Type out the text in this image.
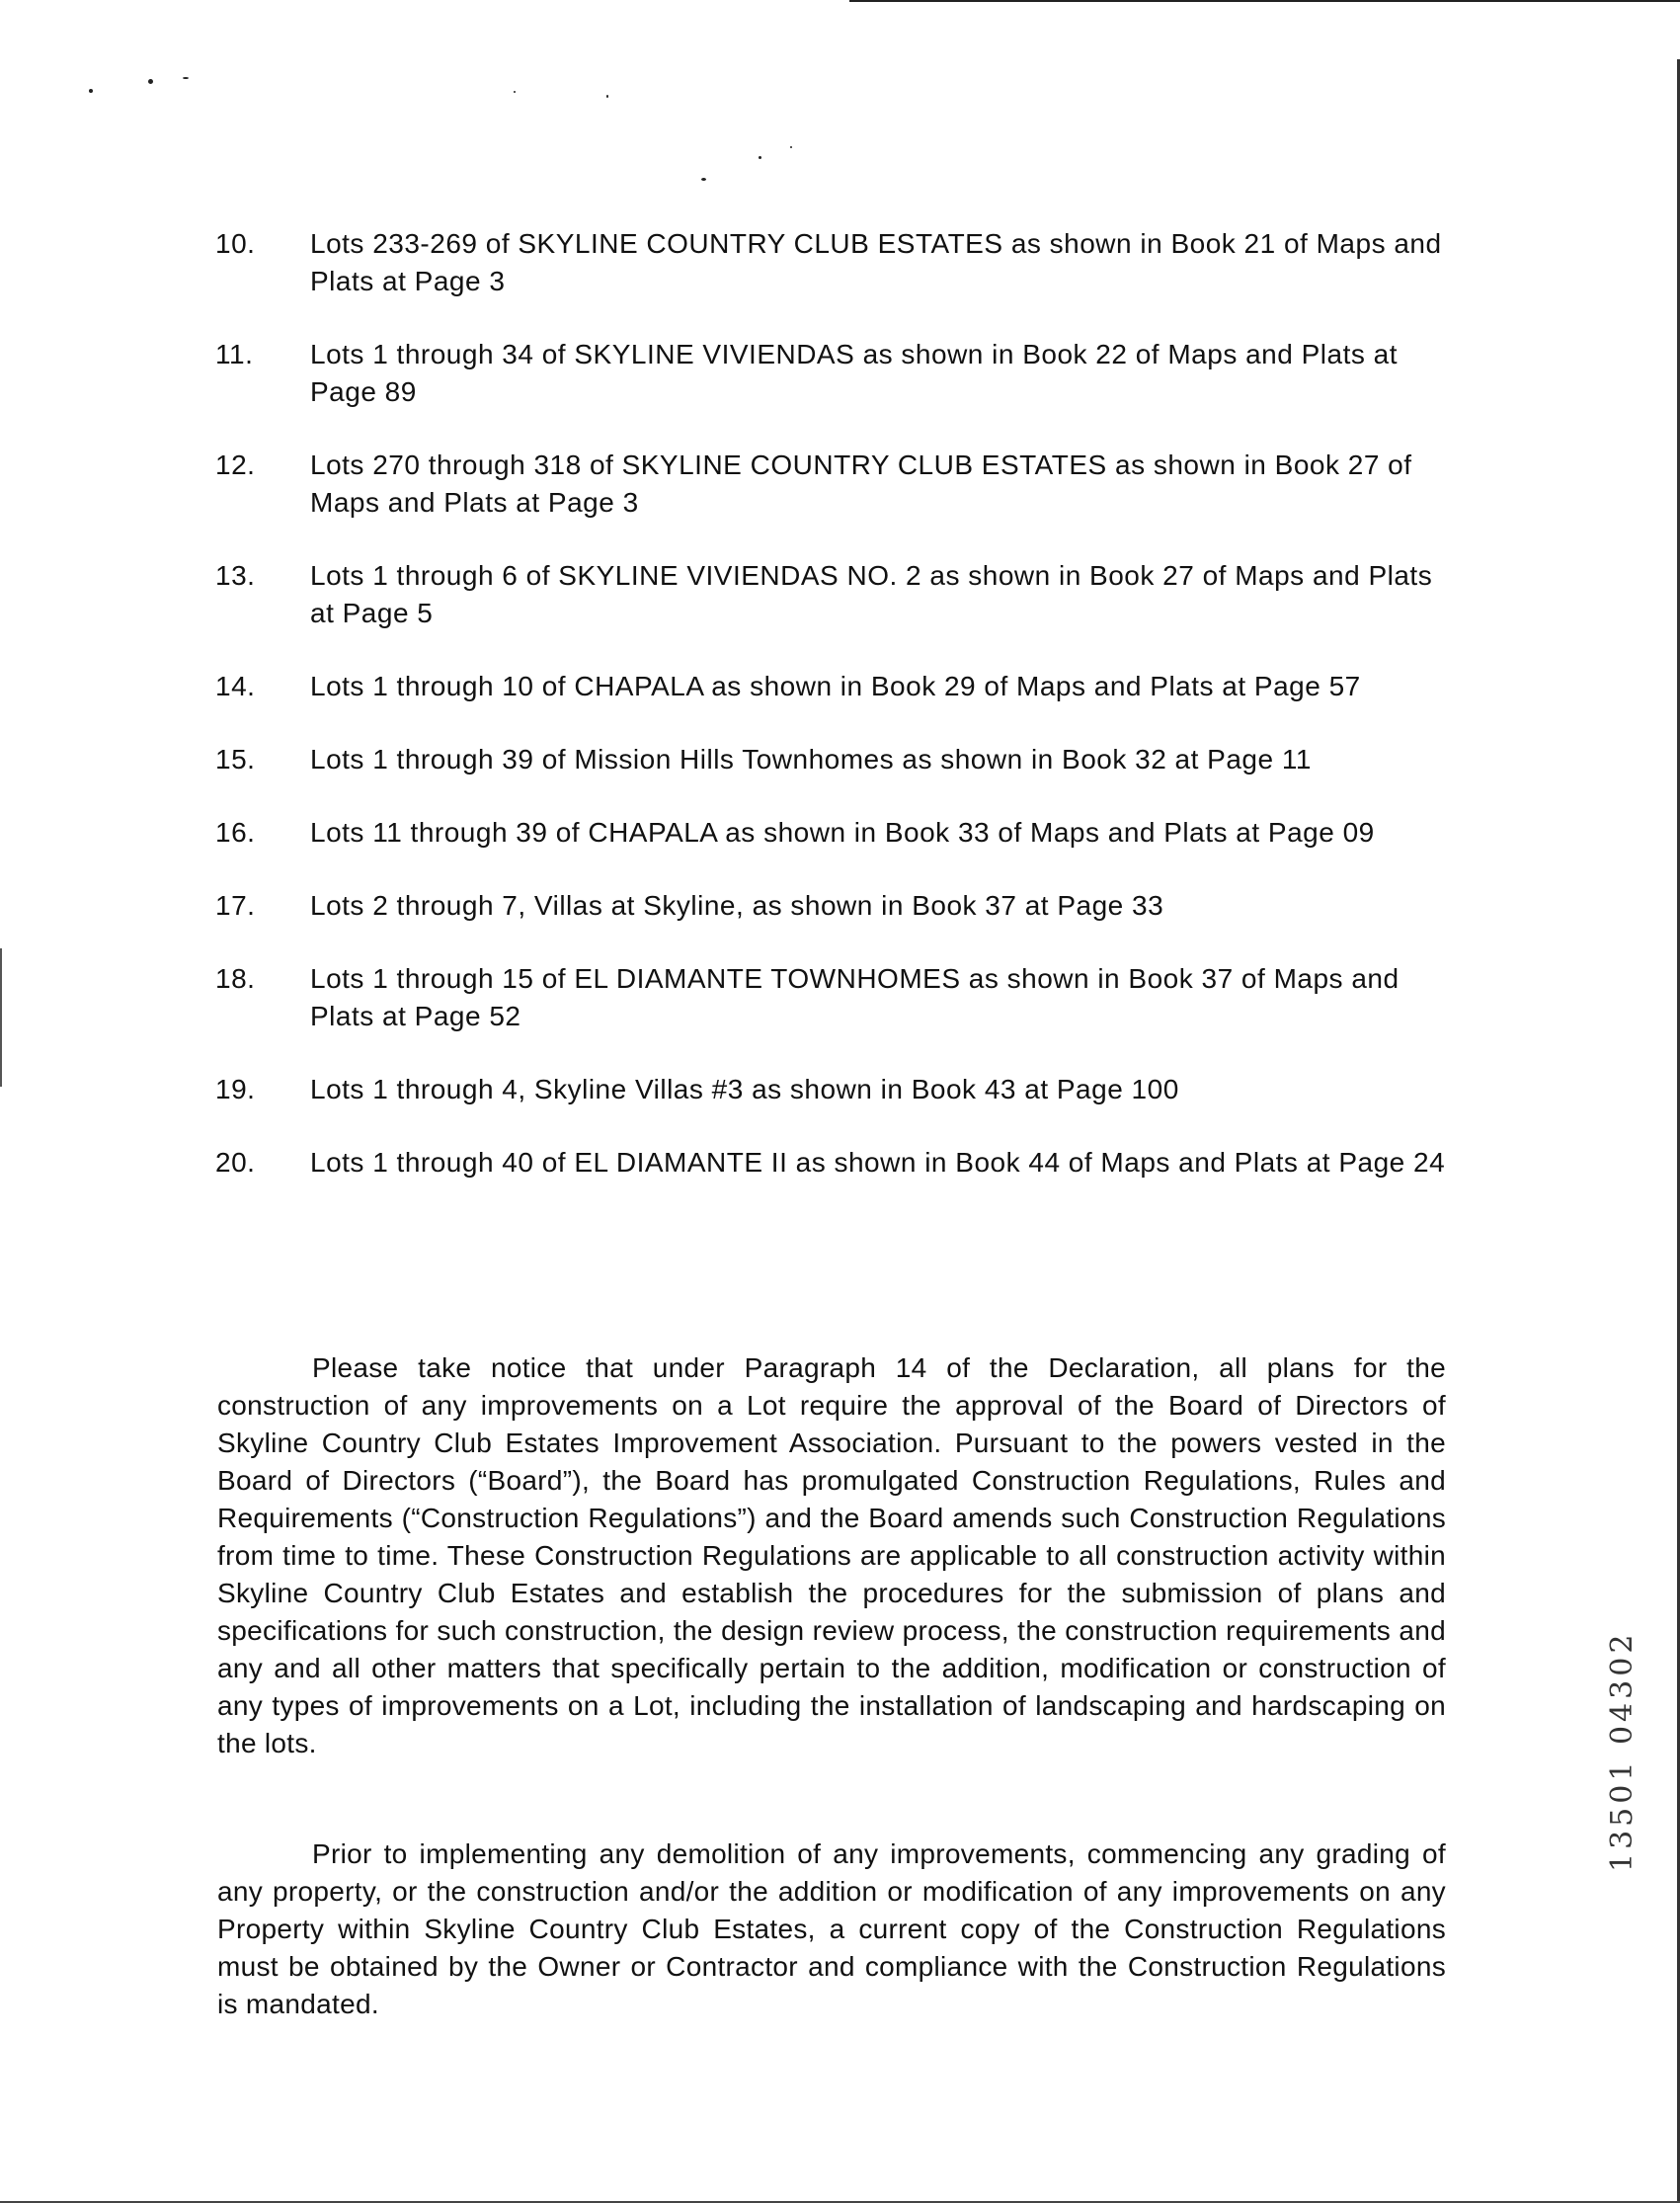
10.	Lots 233-269 of SKYLINE COUNTRY CLUB ESTATES as shown in Book 21 of Maps and Plats at Page 3
11.	Lots 1 through 34 of SKYLINE VIVIENDAS as shown in Book 22 of Maps and Plats at Page 89
12.	Lots 270 through 318 of SKYLINE COUNTRY CLUB ESTATES as shown in Book 27 of Maps and Plats at Page 3
13.	Lots 1 through 6 of SKYLINE VIVIENDAS NO. 2 as shown in Book 27 of Maps and Plats at Page 5
14.	Lots 1 through 10 of CHAPALA as shown in Book 29 of Maps and Plats at Page 57
15.	Lots 1 through 39 of Mission Hills Townhomes as shown in Book 32 at Page 11
16.	Lots 11 through 39 of CHAPALA as shown in Book 33 of Maps and Plats at Page 09
17.	Lots 2 through 7, Villas at Skyline, as shown in Book 37 at Page 33
18.	Lots 1 through 15 of EL DIAMANTE TOWNHOMES as shown in Book 37 of Maps and Plats at Page 52
19.	Lots 1 through 4, Skyline Villas #3 as shown in Book 43 at Page 100
20.	Lots 1 through 40 of EL DIAMANTE II as shown in Book 44 of Maps and Plats at Page 24

Please take notice that under Paragraph 14 of the Declaration, all plans for the construction of any improvements on a Lot require the approval of the Board of Directors of Skyline Country Club Estates Improvement Association. Pursuant to the powers vested in the Board of Directors (“Board”), the Board has promulgated Construction Regulations, Rules and Requirements (“Construction Regulations”) and the Board amends such Construction Regulations from time to time. These Construction Regulations are applicable to all construction activity within Skyline Country Club Estates and establish the procedures for the submission of plans and specifications for such construction, the design review process, the construction requirements and any and all other matters that specifically pertain to the addition, modification or construction of any types of improvements on a Lot, including the installation of landscaping and hardscaping on the lots.

Prior to implementing any demolition of any improvements, commencing any grading of any property, or the construction and/or the addition or modification of any improvements on any Property within Skyline Country Club Estates, a current copy of the Construction Regulations must be obtained by the Owner or Contractor and compliance with the Construction Regulations is mandated.

13501 04302
